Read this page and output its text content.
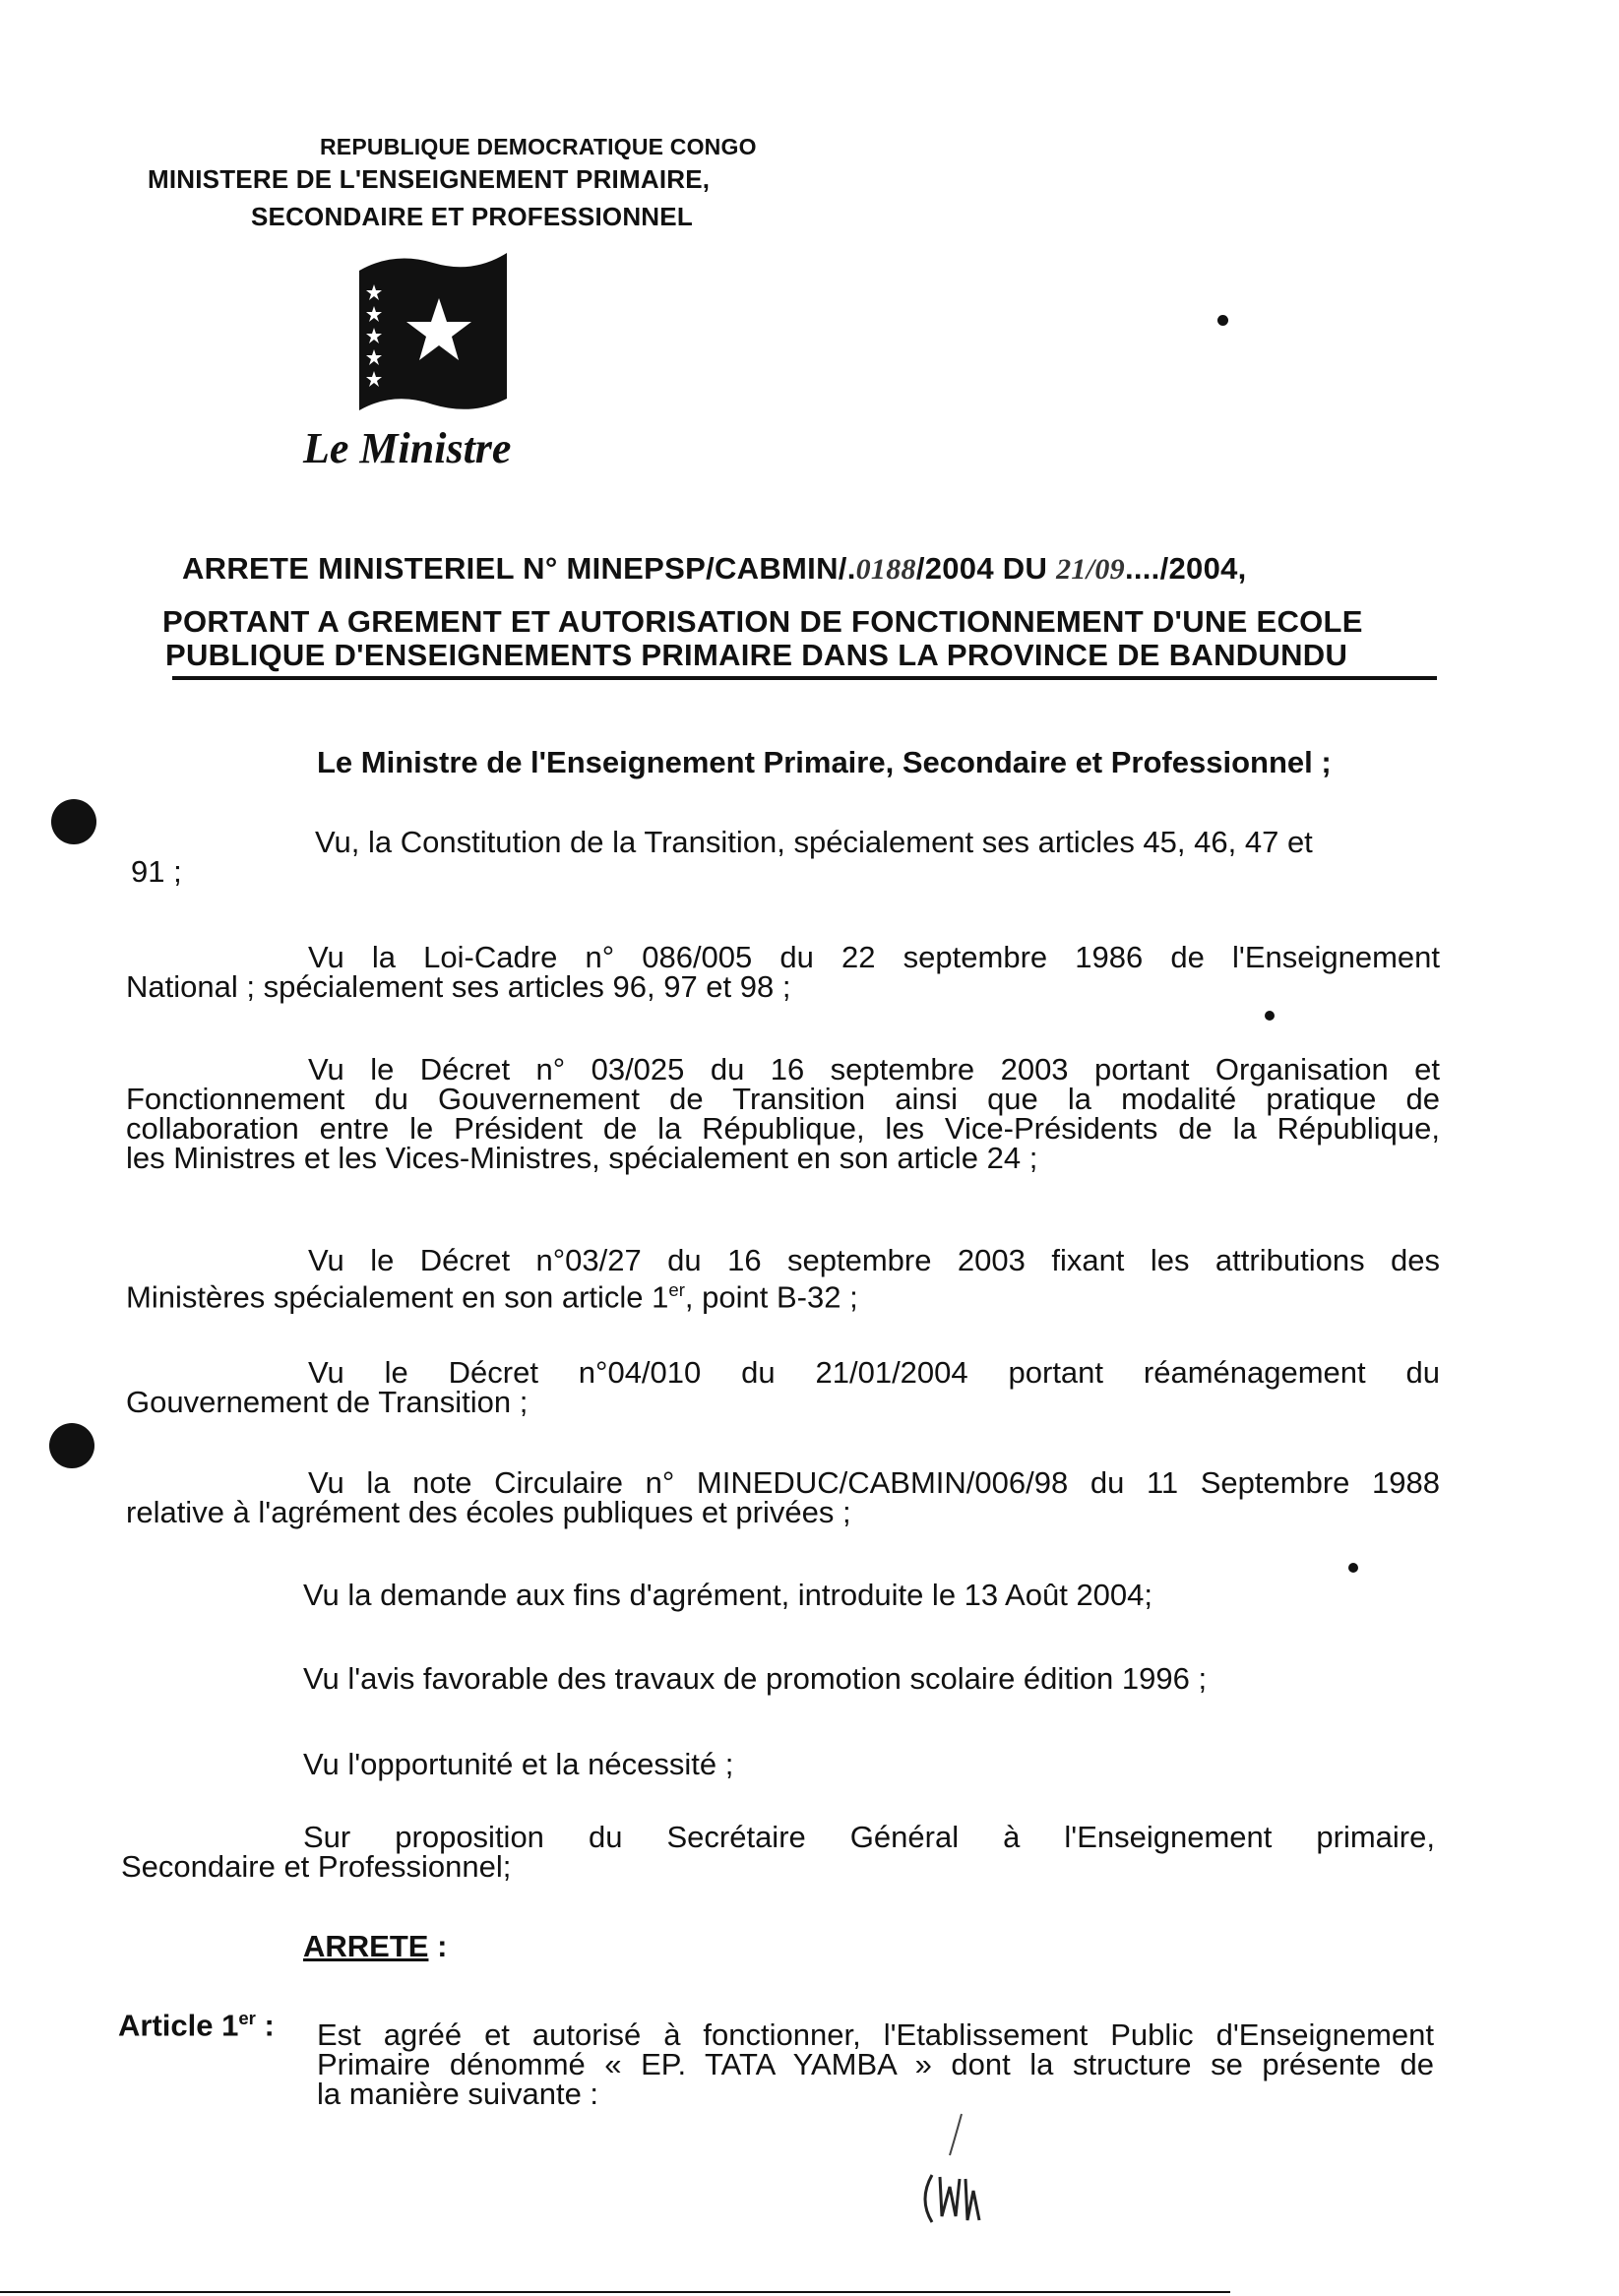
REPUBLIQUE DEMOCRATIQUE CONGO
MINISTERE DE L'ENSEIGNEMENT PRIMAIRE,
SECONDAIRE ET PROFESSIONNEL
Le Ministre
ARRETE MINISTERIEL N° MINEPSP/CABMIN/.0188/2004 DU 21/09..../2004,
PORTANT A GREMENT ET AUTORISATION DE FONCTIONNEMENT D'UNE ECOLE
PUBLIQUE D'ENSEIGNEMENTS PRIMAIRE DANS LA PROVINCE DE BANDUNDU
Le Ministre de l'Enseignement Primaire, Secondaire et Professionnel ;
Vu, la Constitution de la Transition, spécialement ses articles 45, 46, 47 et
91 ;
Vu la Loi-Cadre n° 086/005 du 22 septembre 1986 de l'Enseignement
National ; spécialement ses articles 96, 97 et 98 ;
Vu le Décret n° 03/025 du 16 septembre 2003 portant Organisation et
Fonctionnement du Gouvernement de Transition ainsi que la modalité pratique de
collaboration entre le Président de la République, les Vice-Présidents de la République,
les Ministres et les Vices-Ministres, spécialement en son article 24 ;
Vu le Décret n°03/27 du 16 septembre 2003 fixant les attributions des
Ministères spécialement en son article 1er, point B-32 ;
Vu le Décret n°04/010 du 21/01/2004 portant réaménagement du
Gouvernement de Transition ;
Vu la note Circulaire n° MINEDUC/CABMIN/006/98 du 11 Septembre 1988
relative à l'agrément des écoles publiques et privées ;
Vu la demande aux fins d'agrément, introduite le 13 Août 2004;
Vu l'avis favorable des travaux de promotion scolaire édition 1996 ;
Vu l'opportunité et la nécessité ;
Sur proposition du Secrétaire Général à l'Enseignement primaire,
Secondaire et Professionnel;
ARRETE :
Article 1er : Est agréé et autorisé à fonctionner, l'Etablissement Public d'Enseignement
Primaire dénommé « EP. TATA YAMBA » dont la structure se présente de
la manière suivante :
